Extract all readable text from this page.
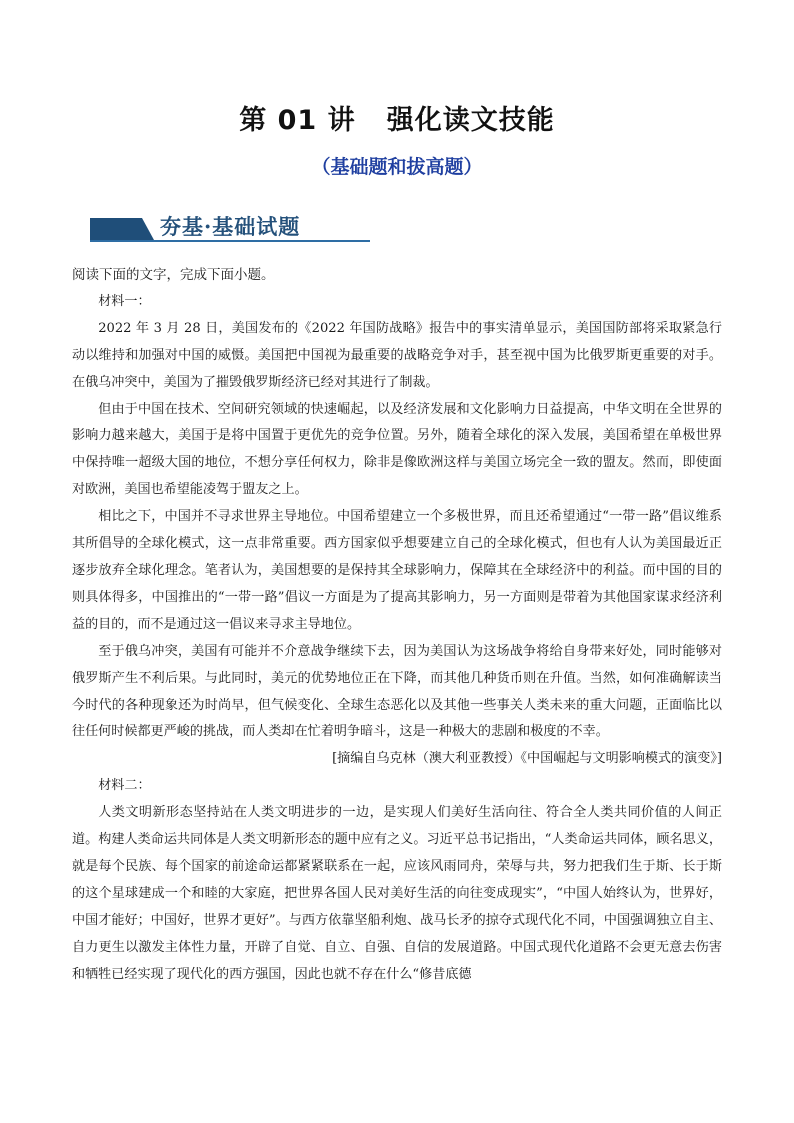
第 01 讲   强化读文技能
（基础题和拔高题）
夯基·基础试题

阅读下面的文字，完成下面小题。

材料一：

2022 年 3 月 28 日，美国发布的《2022 年国防战略》报告中的事实清单显示，美国国防部将采取紧急行动以维持和加强对中国的威慑。美国把中国视为最重要的战略竞争对手，甚至视中国为比俄罗斯更重要的对手。在俄乌冲突中，美国为了摧毁俄罗斯经济已经对其进行了制裁。

但由于中国在技术、空间研究领域的快速崛起，以及经济发展和文化影响力日益提高，中华文明在全世界的影响力越来越大，美国于是将中国置于更优先的竞争位置。另外，随着全球化的深入发展，美国希望在单极世界中保持唯一超级大国的地位，不想分享任何权力，除非是像欧洲这样与美国立场完全一致的盟友。然而，即使面对欧洲，美国也希望能凌驾于盟友之上。

相比之下，中国并不寻求世界主导地位。中国希望建立一个多极世界，而且还希望通过“一带一路”倡议维系其所倡导的全球化模式，这一点非常重要。西方国家似乎想要建立自己的全球化模式，但也有人认为美国最近正逐步放弃全球化理念。笔者认为，美国想要的是保持其全球影响力，保障其在全球经济中的利益。而中国的目的则具体得多，中国推出的“一带一路”倡议一方面是为了提高其影响力，另一方面则是带着为其他国家谋求经济利益的目的，而不是通过这一倡议来寻求主导地位。

至于俄乌冲突，美国有可能并不介意战争继续下去，因为美国认为这场战争将给自身带来好处，同时能够对俄罗斯产生不利后果。与此同时，美元的优势地位正在下降，而其他几种货币则在升值。当然，如何准确解读当今时代的各种现象还为时尚早，但气候变化、全球生态恶化以及其他一些事关人类未来的重大问题，正面临比以往任何时候都更严峻的挑战，而人类却在忙着明争暗斗，这是一种极大的悲剧和极度的不幸。

[摘编自乌克林（澳大利亚教授）《中国崛起与文明影响模式的演变》]

材料二：

人类文明新形态坚持站在人类文明进步的一边，是实现人们美好生活向往、符合全人类共同价值的人间正道。构建人类命运共同体是人类文明新形态的题中应有之义。习近平总书记指出，“人类命运共同体，顾名思义，就是每个民族、每个国家的前途命运都紧紧联系在一起，应该风雨同舟，荣辱与共，努力把我们生于斯、长于斯的这个星球建成一个和睦的大家庭，把世界各国人民对美好生活的向往变成现实”，“中国人始终认为，世界好，中国才能好；中国好，世界才更好”。与西方依靠坚船利炮、战马长矛的掠夺式现代化不同，中国强调独立自主、自力更生以激发主体性力量，开辟了自觉、自立、自强、自信的发展道路。中国式现代化道路不会更无意去伤害和牺牲已经实现了现代化的西方强国，因此也就不存在什么“修昔底德
